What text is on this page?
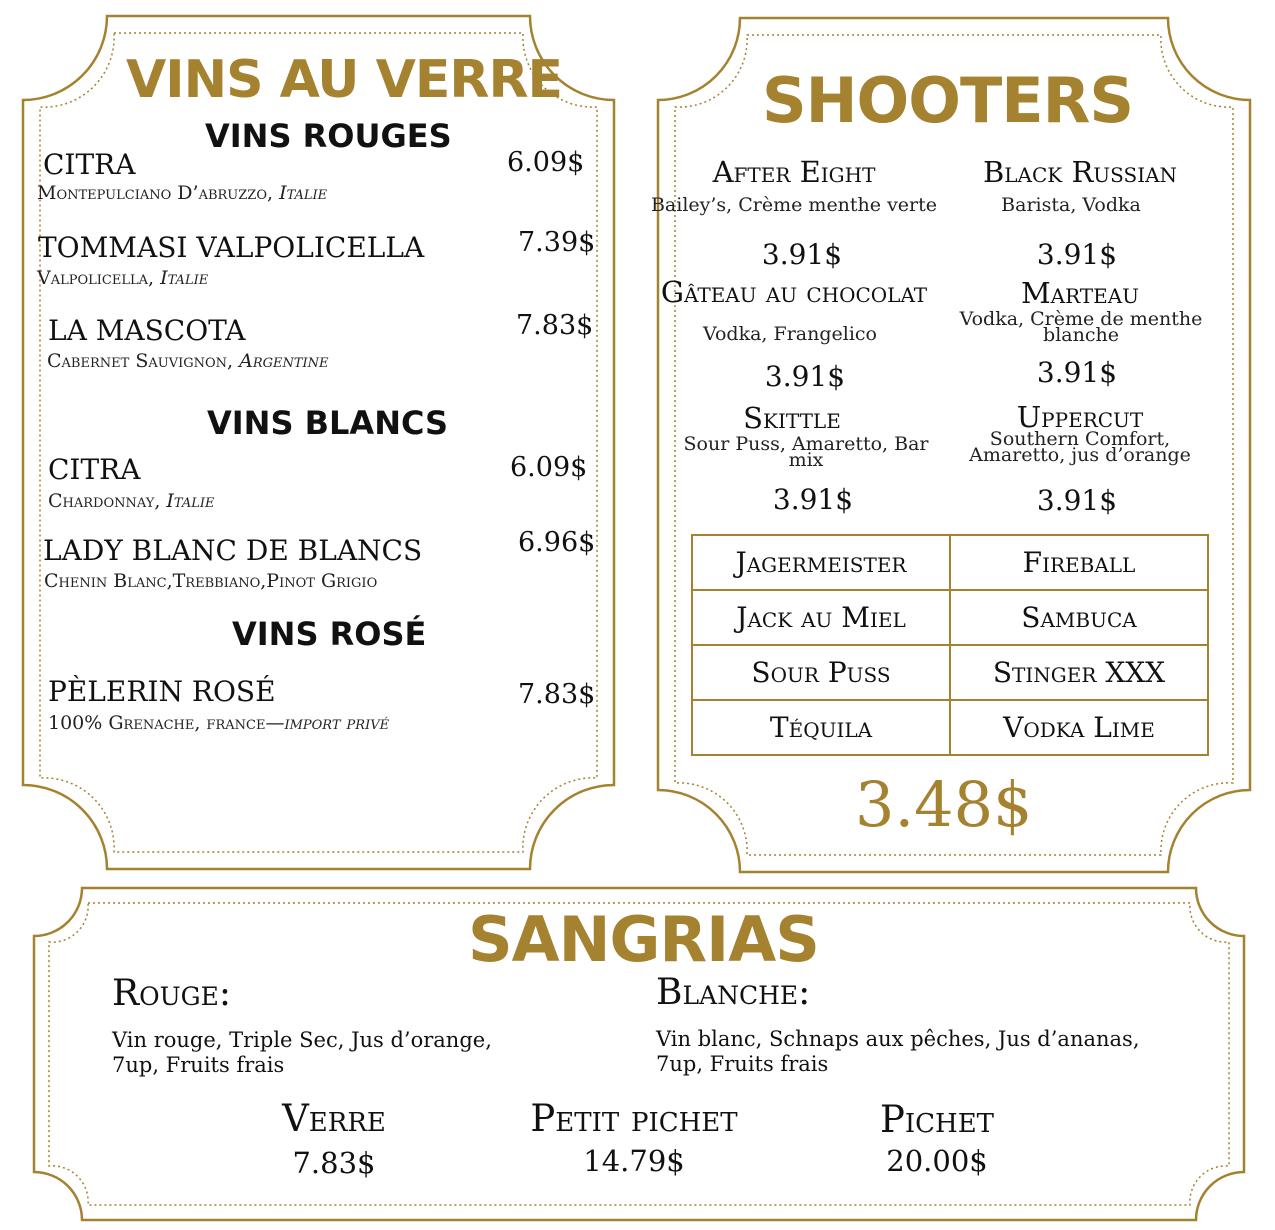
VINS AU VERRE
VINS ROUGES
CITRA
Montepulciano D’abruzzo, Italie
6.09$
TOMMASI VALPOLICELLA
Valpolicella, Italie
7.39$
LA MASCOTA
Cabernet Sauvignon, Argentine
7.83$
VINS BLANCS
CITRA
Chardonnay, Italie
6.09$
LADY BLANC DE BLANCS
Chenin Blanc,Trebbiano,Pinot Grigio
6.96$
VINS ROSÉ
PÈLERIN ROSÉ
100% Grenache, france—import privé
7.83$
SHOOTERS
After Eight
Bailey’s, Crème menthe verte
3.91$
Gâteau au chocolat
Vodka, Frangelico
3.91$
Skittle
Sour Puss, Amaretto, Bar mix
3.91$
Black Russian
Barista, Vodka
3.91$
Marteau
Vodka, Crème de menthe blanche
3.91$
Uppercut
Southern Comfort, Amaretto, jus d’orange
3.91$
Jagermeister	Fireball
Jack au Miel	Sambuca
Sour Puss	Stinger XXX
Téquila	Vodka Lime
3.48$
SANGRIAS
Rouge:
Vin rouge, Triple Sec, Jus d’orange,
7up, Fruits frais
Blanche:
Vin blanc, Schnaps aux pêches, Jus d’ananas,
7up, Fruits frais
Verre
7.83$
Petit pichet
14.79$
Pichet
20.00$
